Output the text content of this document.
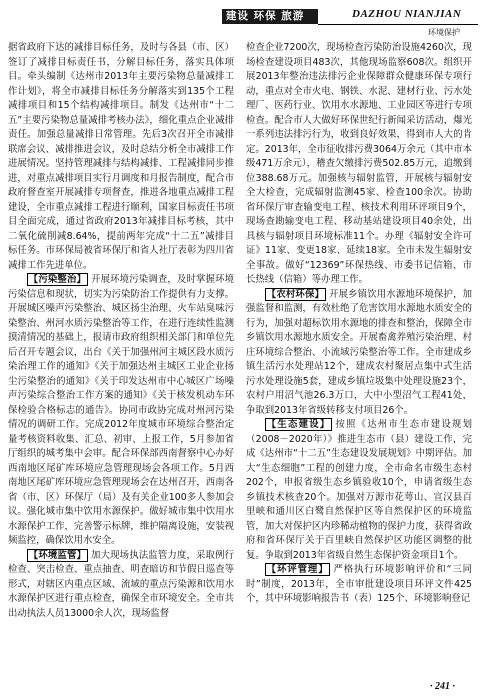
建设 环保 旅游	DAZHOU NIANJIAN
环境保护

据省政府下达的减排目标任务，及时与各县（市、区）签订了减排目标责任书，分解目标任务，落实具体项目。牵头编制《达州市2013年主要污染物总量减排工作计划》，将全市减排目标任务分解落实到135个工程减排项目和15个结构减排项目。制发《达州市“十二五”主要污染物总量减排考核办法》，细化重点企业减排责任。加强总量减排日常管理。先后3次召开全市减排联席会议、减排推进会议，及时总结分析全市减排工作进展情况。坚持管理减排与结构减排、工程减排同步推进，对重点减排项目实行月调度和月报告制度，配合市政府督查室开展减排专项督查，推进各地重点减排工程建设，全市重点减排工程进行顺利，国家目标责任书项目全面完成，通过省政府2013年减排目标考核，其中二氧化硫削减8.64%，提前两年完成“十二五”减排目标任务。市环保局被省环保厅和省人社厅表彰为四川省减排工作先进单位。

【污染整治】 开展环境污染调查，及时掌握环境污染信息和现状，切实为污染防治工作提供有力支撑。开展城区噪声污染整治、城区扬尘治理、火车站臭味污染整治、州河水质污染整治等工作，在进行连续性监测摸清情况的基础上，报请市政府组织相关部门和单位先后召开专题会议，出台《关于加强州河主城区段水质污染治理工作的通知》《关于加强达州主城区工业企业扬尘污染整治的通知》《关于印发达州市中心城区广场噪声污染综合整治工作方案的通知》《关于核发机动车环保检验合格标志的通告》。协同市政协完成对州河污染情况的调研工作。完成2012年度城市环境综合整治定量考核资料收集、汇总、初审、上报工作，5月参加省厅组织的城考集中会审。配合环保部西南督察中心办好西南地区尾矿库环境应急管理现场会各项工作。5月西南地区尾矿库环境应急管理现场会在达州召开，西南各省（市、区）环保厅（局）及有关企业100多人参加会议。强化城市集中饮用水源保护。做好城市集中饮用水水源保护工作，完善警示标牌，维护隔离设施，安装视频监控，确保饮用水安全。

【环境监管】 加大现场执法监管力度，采取例行检查、突击检查、重点抽查、明查暗访和节假日巡查等形式，对辖区内重点区域、流域的重点污染源和饮用水水源保护区进行重点检查，确保全市环境安全。全市共出动执法人员13000余人次，现场监督

检查企业7200次，现场检查污染防治设施4260次，现场检查建设项目483次，其他现场监察608次。组织开展2013年整治违法排污企业保障群众健康环保专项行动，重点对全市火电、钢铁、水泥、建材行业、污水处理厂、医药行业、饮用水水源地、工业园区等进行专项检查。配合市人大做好环保世纪行新闻采访活动，爆光一系列违法排污行为，收到良好效果，得到市人大的肯定。2013年，全市征收排污费3064万余元（其中市本级471万余元），稽查欠缴排污费502.85万元，追缴到位388.68万元。加强核与辐射监管，开展核与辐射安全大检查，完成辐射监测45家、检查100余次。协助省环保厅审查输变电工程、核技术利用环评项目9个，现场查勘输变电工程、移动基站建设项目40余处，出具核与辐射项目环境标准11个。办理《辐射安全许可证》11家、变更18家、延续18家。全市未发生辐射安全事故。做好“12369”环保热线、市委书记信箱、市长热线（信箱）等办理工作。

【农村环保】 开展乡镇饮用水源地环境保护，加强监督和监测，有效杜绝了危害饮用水源地水质安全的行为，加强对超标饮用水源地的排查和整治，保障全市乡镇饮用水源地水质安全。开展畜禽养殖污染治理、村庄环境综合整治、小流域污染整治等工作。全市建成乡镇生活污水处理站12个，建成农村聚居点集中式生活污水处理设施5套，建成乡镇垃圾集中处理设施23个，农村户用沼气池26.3万口，大中小型沼气工程41处，争取到2013年省级转移支付项目26个。

【生态建设】 按照《达州市生态市建设规划（2008－2020年）》推进生态市（县）建设工作，完成《达州市“十二五”生态建设发展规划》中期评估。加大“生态细胞”工程的创建力度，全市命名市级生态村202个，申报省级生态乡镇验收10个，申请省级生态乡镇技术核查20个。加强对万源市花萼山、宣汉县百里峡和通川区白鹭自然保护区等自然保护区的环境监管，加大对保护区内珍稀动植物的保护力度，获得省政府和省环保厅关于百里峡自然保护区功能区调整的批复。争取到2013年省级自然生态保护资金项目1个。

【环评管理】 严格执行环境影响评价和“三同时”制度，2013年，全市审批建设项目环评文件425个，其中环境影响报告书（表）125个、环境影响登记

· 241 ·
